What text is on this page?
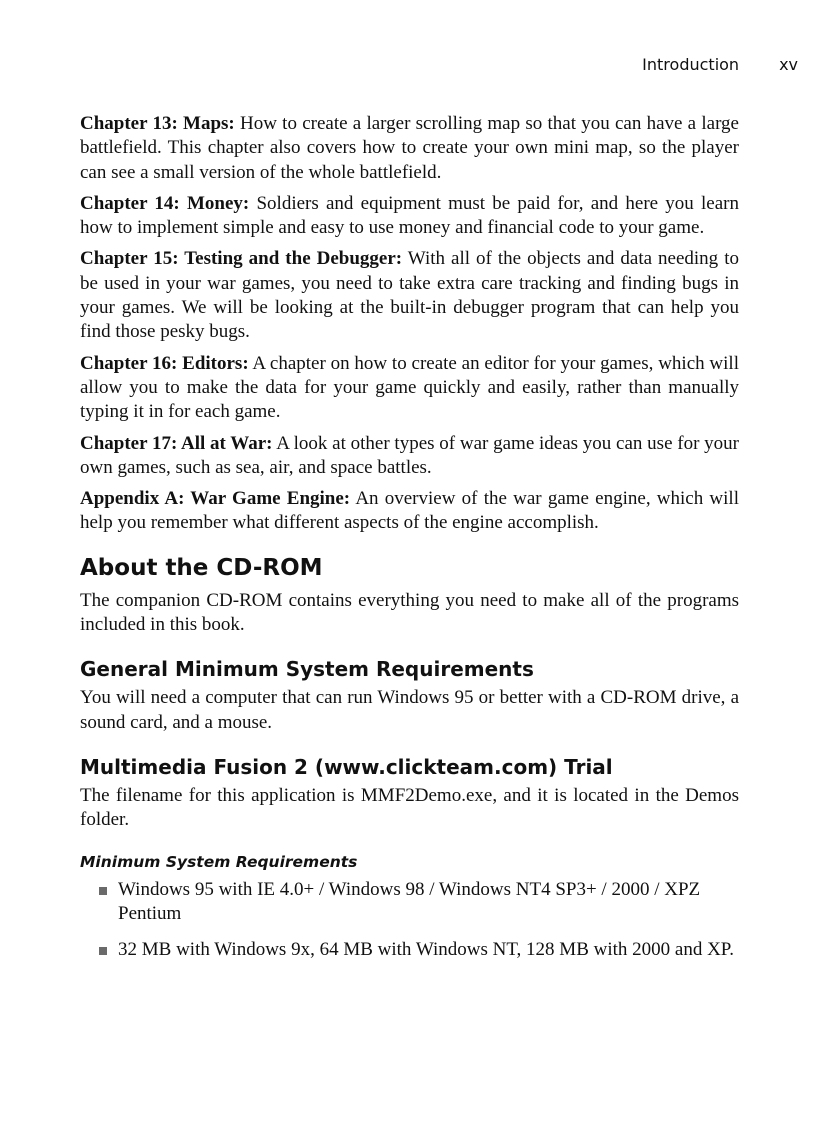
Introduction	xv

Chapter 13: Maps: How to create a larger scrolling map so that you can have a large battlefield. This chapter also covers how to create your own mini map, so the player can see a small version of the whole battlefield.

Chapter 14: Money: Soldiers and equipment must be paid for, and here you learn how to implement simple and easy to use money and financial code to your game.

Chapter 15: Testing and the Debugger: With all of the objects and data needing to be used in your war games, you need to take extra care tracking and finding bugs in your games. We will be looking at the built-in debugger program that can help you find those pesky bugs.

Chapter 16: Editors: A chapter on how to create an editor for your games, which will allow you to make the data for your game quickly and easily, rather than manually typing it in for each game.

Chapter 17: All at War: A look at other types of war game ideas you can use for your own games, such as sea, air, and space battles.

Appendix A: War Game Engine: An overview of the war game engine, which will help you remember what different aspects of the engine accomplish.

About the CD-ROM

The companion CD-ROM contains everything you need to make all of the programs included in this book.

General Minimum System Requirements

You will need a computer that can run Windows 95 or better with a CD-ROM drive, a sound card, and a mouse.

Multimedia Fusion 2 (www.clickteam.com) Trial

The filename for this application is MMF2Demo.exe, and it is located in the Demos folder.

Minimum System Requirements
Windows 95 with IE 4.0+ / Windows 98 / Windows NT4 SP3+ / 2000 / XPZ Pentium
32 MB with Windows 9x, 64 MB with Windows NT, 128 MB with 2000 and XP.
